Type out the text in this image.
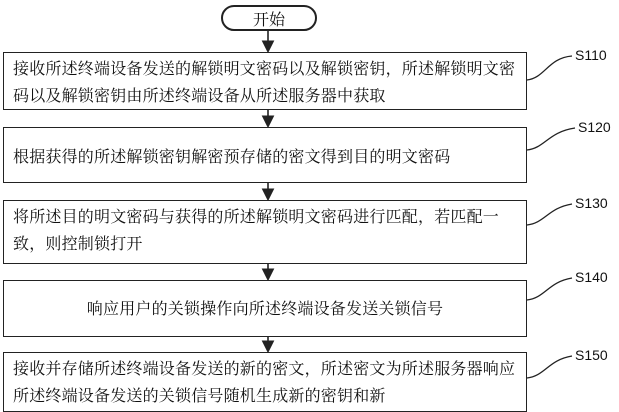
开始
接收所述终端设备发送的解锁明文密码以及解锁密钥，所述解锁明文密码以及解锁密钥由所述终端设备从所述服务器中获取
S110
根据获得的所述解锁密钥解密预存储的密文得到目的明文密码
S120
将所述目的明文密码与获得的所述解锁明文密码进行匹配，若匹配一致，则控制锁打开
S130
响应用户的关锁操作向所述终端设备发送关锁信号
S140
接收并存储所述终端设备发送的新的密文，所述密文为所述服务器响应所述终端设备发送的关锁信号随机生成新的密钥和新
S150
